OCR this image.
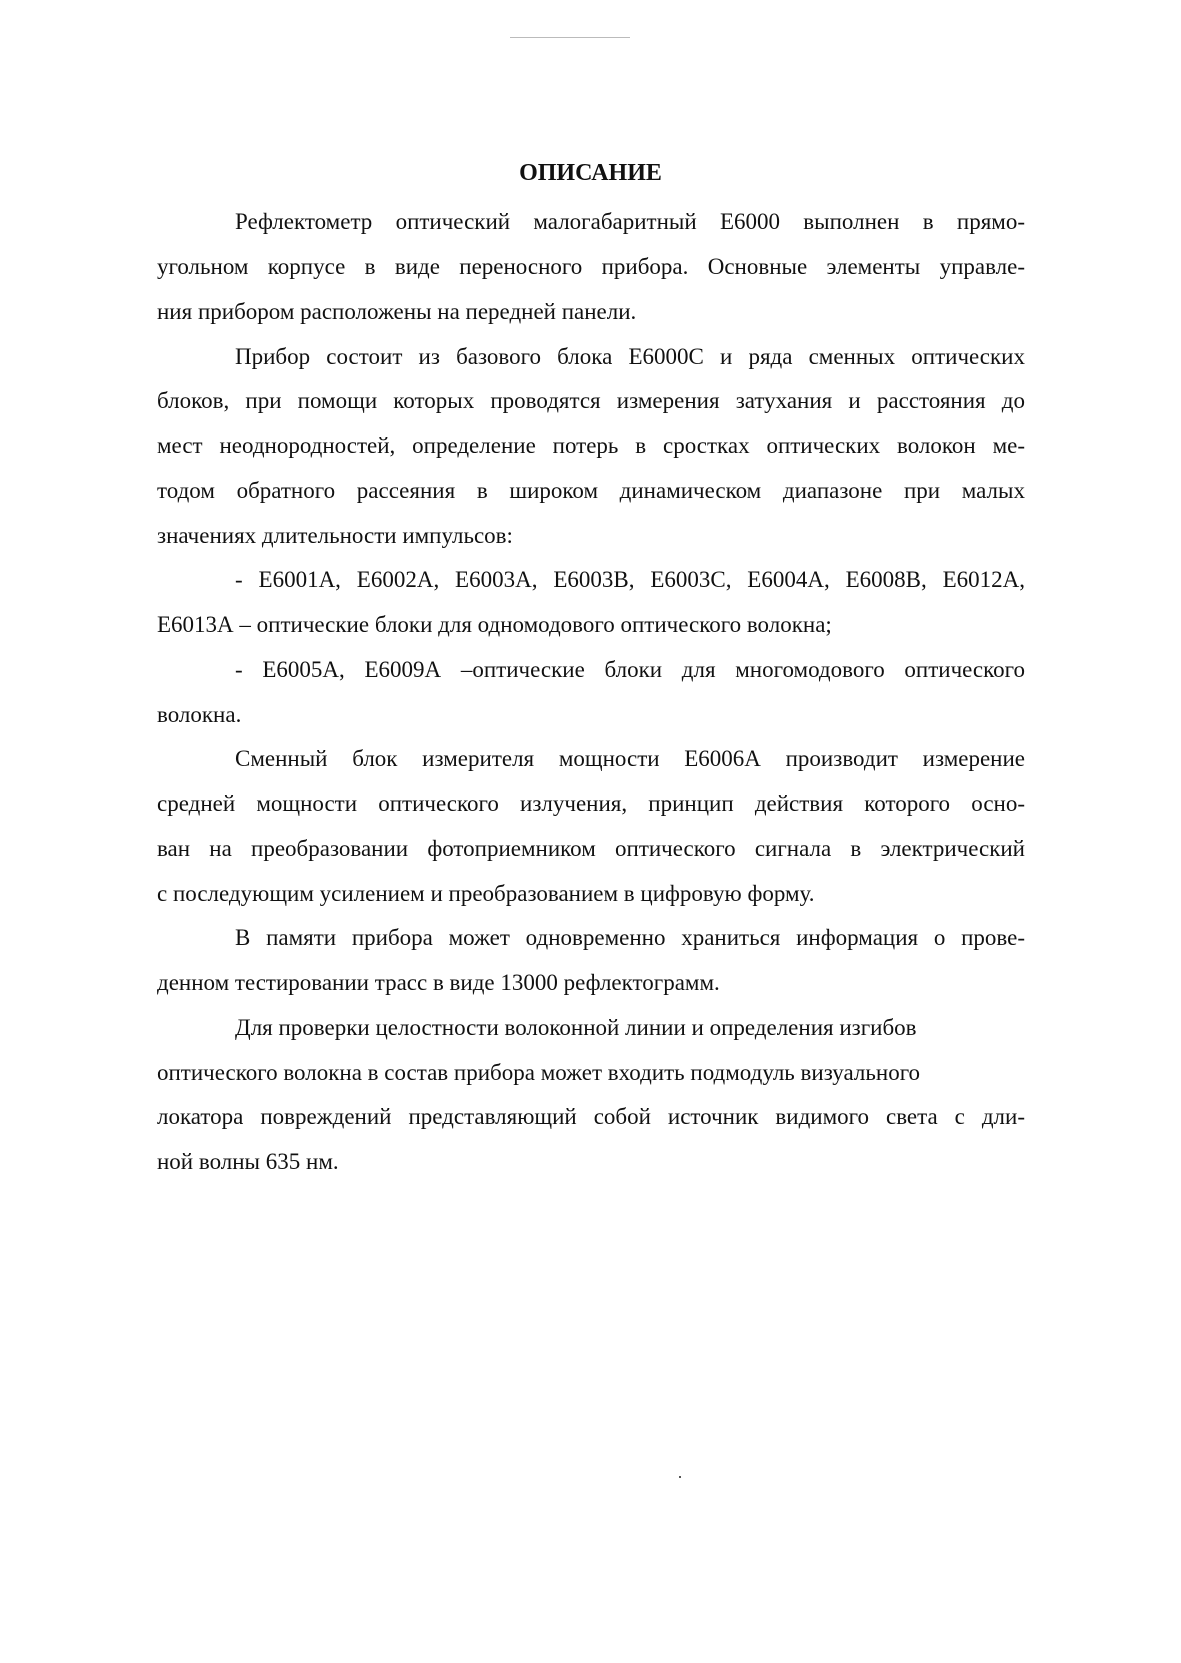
ОПИСАНИЕ
Рефлектометр оптический малогабаритный Е6000 выполнен в прямо-
угольном корпусе в виде переносного прибора. Основные элементы управле-
ния прибором расположены на передней панели.
Прибор состоит из базового блока Е6000С и ряда сменных оптических
блоков, при помощи которых проводятся измерения затухания и расстояния до
мест неоднородностей, определение потерь в сростках оптических волокон ме-
тодом обратного рассеяния в широком динамическом диапазоне при малых
значениях длительности импульсов:
- Е6001А, Е6002А, Е6003А, Е6003В, Е6003С, Е6004А, Е6008В, Е6012А,
Е6013А – оптические блоки для одномодового оптического волокна;
- Е6005А, Е6009А –оптические блоки для многомодового оптического
волокна.
Сменный блок измерителя мощности Е6006А производит измерение
средней мощности оптического излучения, принцип действия которого осно-
ван на преобразовании фотоприемником оптического сигнала в электрический
с последующим усилением и преобразованием в цифровую форму.
В памяти прибора может одновременно храниться информация о прове-
денном тестировании трасс в виде 13000 рефлектограмм.
Для проверки целостности волоконной линии и определения изгибов
оптического волокна в состав прибора может входить подмодуль визуального
локатора повреждений представляющий собой источник видимого света с дли-
ной волны 635 нм.
